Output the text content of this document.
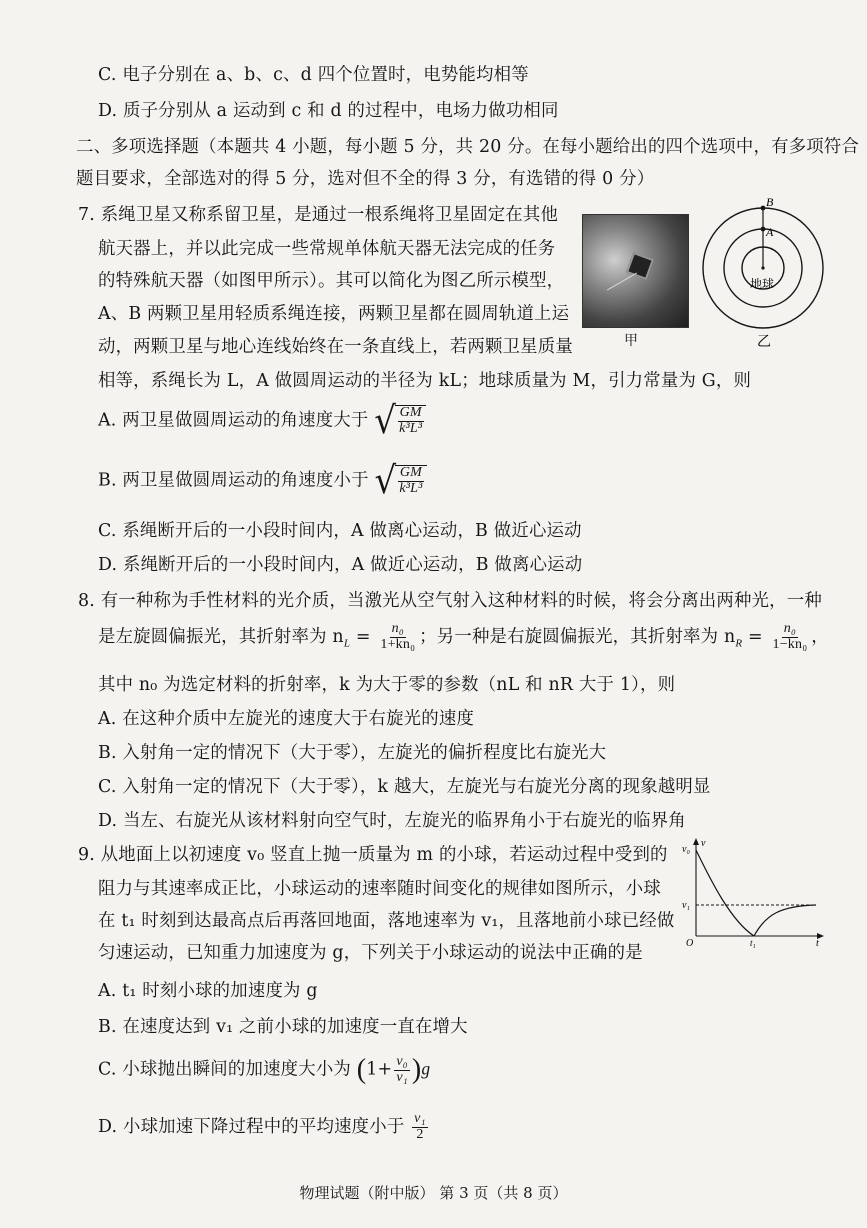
C. 电子分别在 a、b、c、d 四个位置时，电势能均相等
D. 质子分别从 a 运动到 c 和 d 的过程中，电场力做功相同
二、多项选择题（本题共 4 小题，每小题 5 分，共 20 分。在每小题给出的四个选项中，有多项符合
题目要求，全部选对的得 5 分，选对但不全的得 3 分，有选错的得 0 分）
7. 系绳卫星又称系留卫星，是通过一根系绳将卫星固定在其他
航天器上，并以此完成一些常规单体航天器无法完成的任务
的特殊航天器（如图甲所示）。其可以简化为图乙所示模型，
A、B 两颗卫星用轻质系绳连接，两颗卫星都在圆周轨道上运
动，两颗卫星与地心连线始终在一条直线上，若两颗卫星质量
相等，系绳长为 L，A 做圆周运动的半径为 kL；地球质量为 M，引力常量为 G，则
甲
B
A
地球
乙
A. 两卫星做圆周运动的角速度大于 √ $\frac{GM}{\text{k³L³}}$
B. 两卫星做圆周运动的角速度小于 √ $\frac{GM}{\text{k³L³}}$
C. 系绳断开后的一小段时间内，A 做离心运动，B 做近心运动
D. 系绳断开后的一小段时间内，A 做近心运动，B 做离心运动
8. 有一种称为手性材料的光介质，当激光从空气射入这种材料的时候，将会分离出两种光，一种
是左旋圆偏振光，其折射率为 $n_L = \frac{\text{n₀}}{\text{1+kn₀}}$ ；另一种是右旋圆偏振光，其折射率为 $n_R = \frac{\text{n₀}}{\text{1−kn₀}}$ ，
其中 n₀ 为选定材料的折射率，k 为大于零的参数（nL 和 nR 大于 1），则
A. 在这种介质中左旋光的速度大于右旋光的速度
B. 入射角一定的情况下（大于零），左旋光的偏折程度比右旋光大
C. 入射角一定的情况下（大于零），k 越大，左旋光与右旋光分离的现象越明显
D. 当左、右旋光从该材料射向空气时，左旋光的临界角小于右旋光的临界角
9. 从地面上以初速度 v₀ 竖直上抛一质量为 m 的小球，若运动过程中受到的
阻力与其速率成正比，小球运动的速率随时间变化的规律如图所示，小球
在 t₁ 时刻到达最高点后再落回地面，落地速率为 v₁，且落地前小球已经做
匀速运动，已知重力加速度为 g，下列关于小球运动的说法中正确的是
v₀
v
v₁
O	t₁	t
A. t₁ 时刻小球的加速度为 g
B. 在速度达到 v₁ 之前小球的加速度一直在增大
C. 小球抛出瞬间的加速度大小为 $(1+ \frac{\text{v₀}}{\text{v₁}} )g$
D. 小球加速下降过程中的平均速度小于 $\frac{\text{v₁}}{2}$
物理试题（附中版） 第 3 页（共 8 页）
